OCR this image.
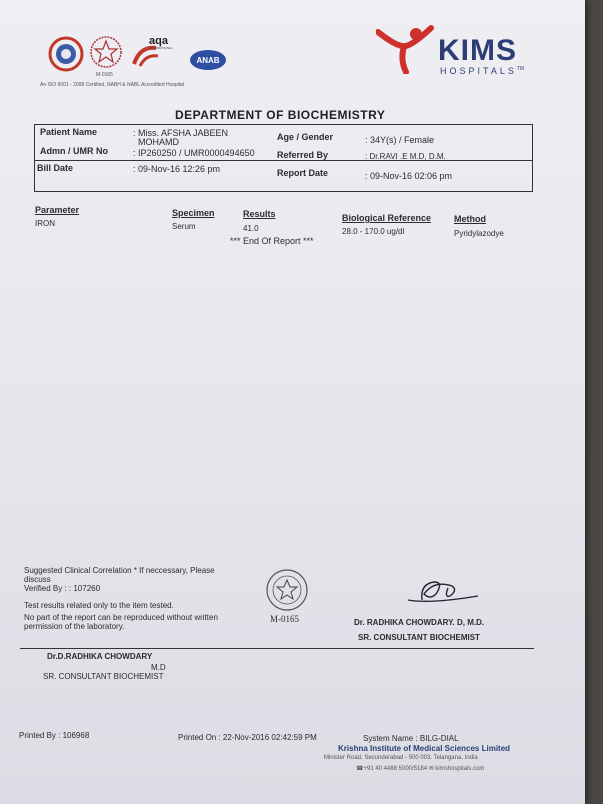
aqa
INTERNATIONAL
ANAB
M-0165
An ISO 9001 - 2008 Certified, NABH & NABL Accredited Hospital
KIMS
HOSPITALS™
DEPARTMENT OF BIOCHEMISTRY
Patient Name	: Miss. AFSHA JABEEN
MOHAMD
Admn / UMR No	: IP260250 / UMR0000494650
Bill Date	: 09-Nov-16 12:26 pm
Age / Gender	: 34Y(s) / Female
Referred By	: Dr.RAVI .E M.D, D.M.
Report Date	: 09-Nov-16 02:06 pm
Parameter	Specimen	Results	Biological Reference	Method
IRON	Serum	41.0	28.0 - 170.0 ug/dl	Pyridylazodye
*** End Of Report ***
Suggested Clinical Correlation * If neccessary, Please
discuss
Verified By : : 107260
Test results related only to the item tested.
No part of the report can be reproduced without written
permission of the laboratory.
M-0165	Dr. RADHIKA CHOWDARY. D, M.D.
SR. CONSULTANT BIOCHEMIST
Dr.D.RADHIKA CHOWDARY
M.D
SR. CONSULTANT BIOCHEMIST
Printed By : 106968	Printed On : 22-Nov-2016 02:42:59 PM	System Name : BILG-DIAL
Krishna Institute of Medical Sciences Limited
Minister Road, Secunderabad - 500 003. Telangana, India
☎+91 40 4488 5000/5184 ✉ kimshospitals.com
